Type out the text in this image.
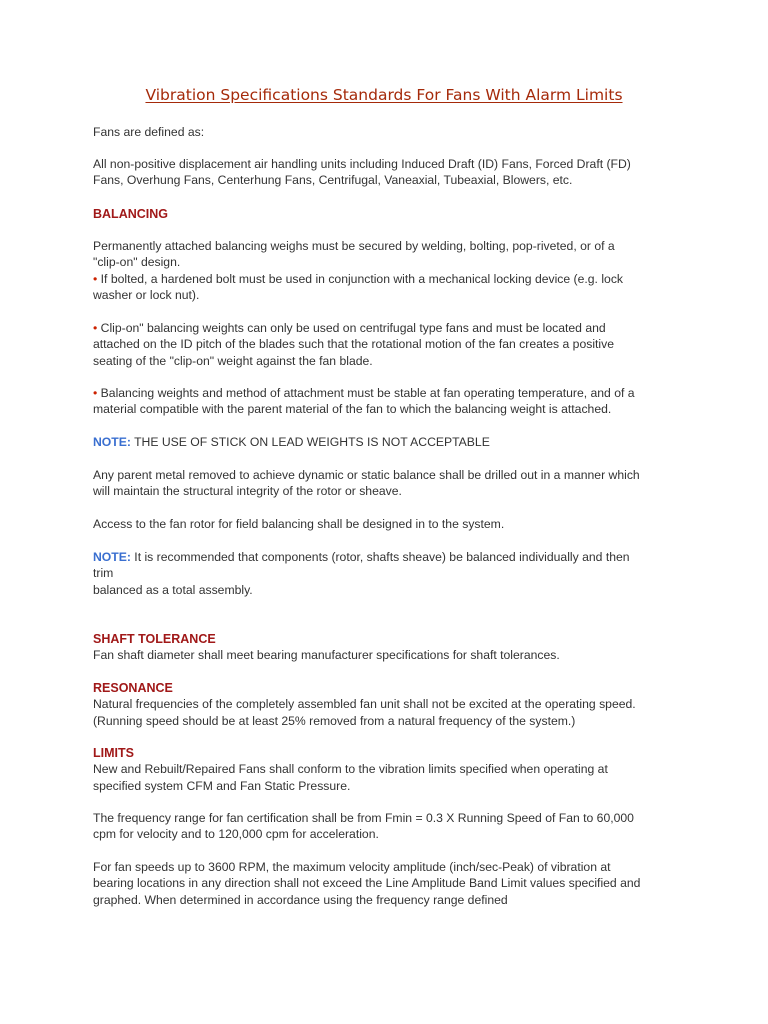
Vibration Specifications Standards For Fans With Alarm Limits

Fans are defined as:

All non-positive displacement air handling units including Induced Draft (ID) Fans, Forced Draft (FD)
Fans, Overhung Fans, Centerhung Fans, Centrifugal, Vaneaxial, Tubeaxial, Blowers, etc.

BALANCING

Permanently attached balancing weighs must be secured by welding, bolting, pop-riveted, or of a
"clip-on" design.
• If bolted, a hardened bolt must be used in conjunction with a mechanical locking device (e.g. lock
washer or lock nut).

• Clip-on" balancing weights can only be used on centrifugal type fans and must be located and
attached on the ID pitch of the blades such that the rotational motion of the fan creates a positive
seating of the "clip-on" weight against the fan blade.

• Balancing weights and method of attachment must be stable at fan operating temperature, and of a
material compatible with the parent material of the fan to which the balancing weight is attached.

NOTE: THE USE OF STICK ON LEAD WEIGHTS IS NOT ACCEPTABLE

Any parent metal removed to achieve dynamic or static balance shall be drilled out in a manner which
will maintain the structural integrity of the rotor or sheave.

Access to the fan rotor for field balancing shall be designed in to the system.

NOTE: It is recommended that components (rotor, shafts sheave) be balanced individually and then
trim
balanced as a total assembly.

SHAFT TOLERANCE
Fan shaft diameter shall meet bearing manufacturer specifications for shaft tolerances.

RESONANCE
Natural frequencies of the completely assembled fan unit shall not be excited at the operating speed.
(Running speed should be at least 25% removed from a natural frequency of the system.)

LIMITS
New and Rebuilt/Repaired Fans shall conform to the vibration limits specified when operating at
specified system CFM and Fan Static Pressure.

The frequency range for fan certification shall be from Fmin = 0.3 X Running Speed of Fan to 60,000
cpm for velocity and to 120,000 cpm for acceleration.

For fan speeds up to 3600 RPM, the maximum velocity amplitude (inch/sec-Peak) of vibration at
bearing locations in any direction shall not exceed the Line Amplitude Band Limit values specified and
graphed. When determined in accordance using the frequency range defined
